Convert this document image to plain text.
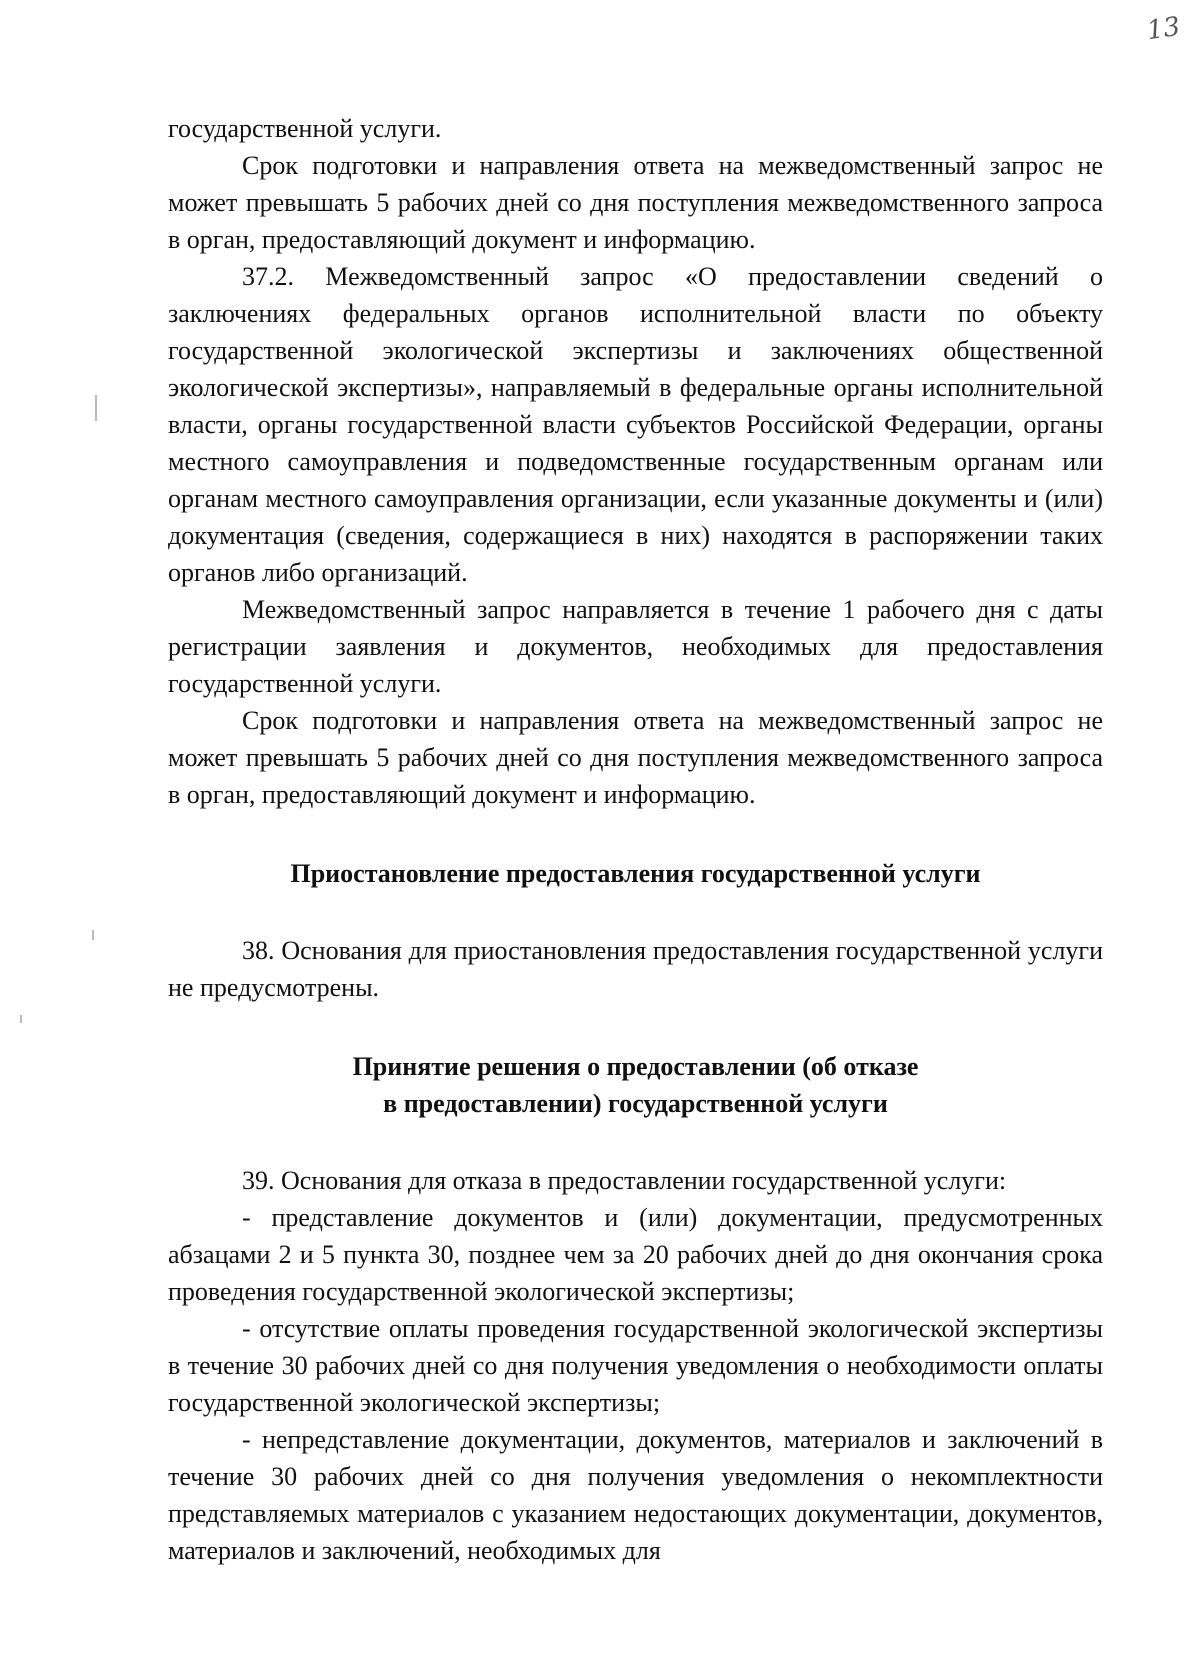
13

государственной услуги.

Срок подготовки и направления ответа на межведомственный запрос не может превышать 5 рабочих дней со дня поступления межведомственного запроса в орган, предоставляющий документ и информацию.

37.2. Межведомственный запрос «О предоставлении сведений о заключениях федеральных органов исполнительной власти по объекту государственной экологической экспертизы и заключениях общественной экологической экспертизы», направляемый в федеральные органы исполнительной власти, органы государственной власти субъектов Российской Федерации, органы местного самоуправления и подведомственные государственным органам или органам местного самоуправления организации, если указанные документы и (или) документация (сведения, содержащиеся в них) находятся в распоряжении таких органов либо организаций.

Межведомственный запрос направляется в течение 1 рабочего дня с даты регистрации заявления и документов, необходимых для предоставления государственной услуги.

Срок подготовки и направления ответа на межведомственный запрос не может превышать 5 рабочих дней со дня поступления межведомственного запроса в орган, предоставляющий документ и информацию.

Приостановление предоставления государственной услуги

38. Основания для приостановления предоставления государственной услуги не предусмотрены.

Принятие решения о предоставлении (об отказе

в предоставлении) государственной услуги

39. Основания для отказа в предоставлении государственной услуги:

- представление документов и (или) документации, предусмотренных абзацами 2 и 5 пункта 30, позднее чем за 20 рабочих дней до дня окончания срока проведения государственной экологической экспертизы;

- отсутствие оплаты проведения государственной экологической экспертизы в течение 30 рабочих дней со дня получения уведомления о необходимости оплаты государственной экологической экспертизы;

- непредставление документации, документов, материалов и заключений в течение 30 рабочих дней со дня получения уведомления о некомплектности представляемых материалов с указанием недостающих документации, документов, материалов и заключений, необходимых для
